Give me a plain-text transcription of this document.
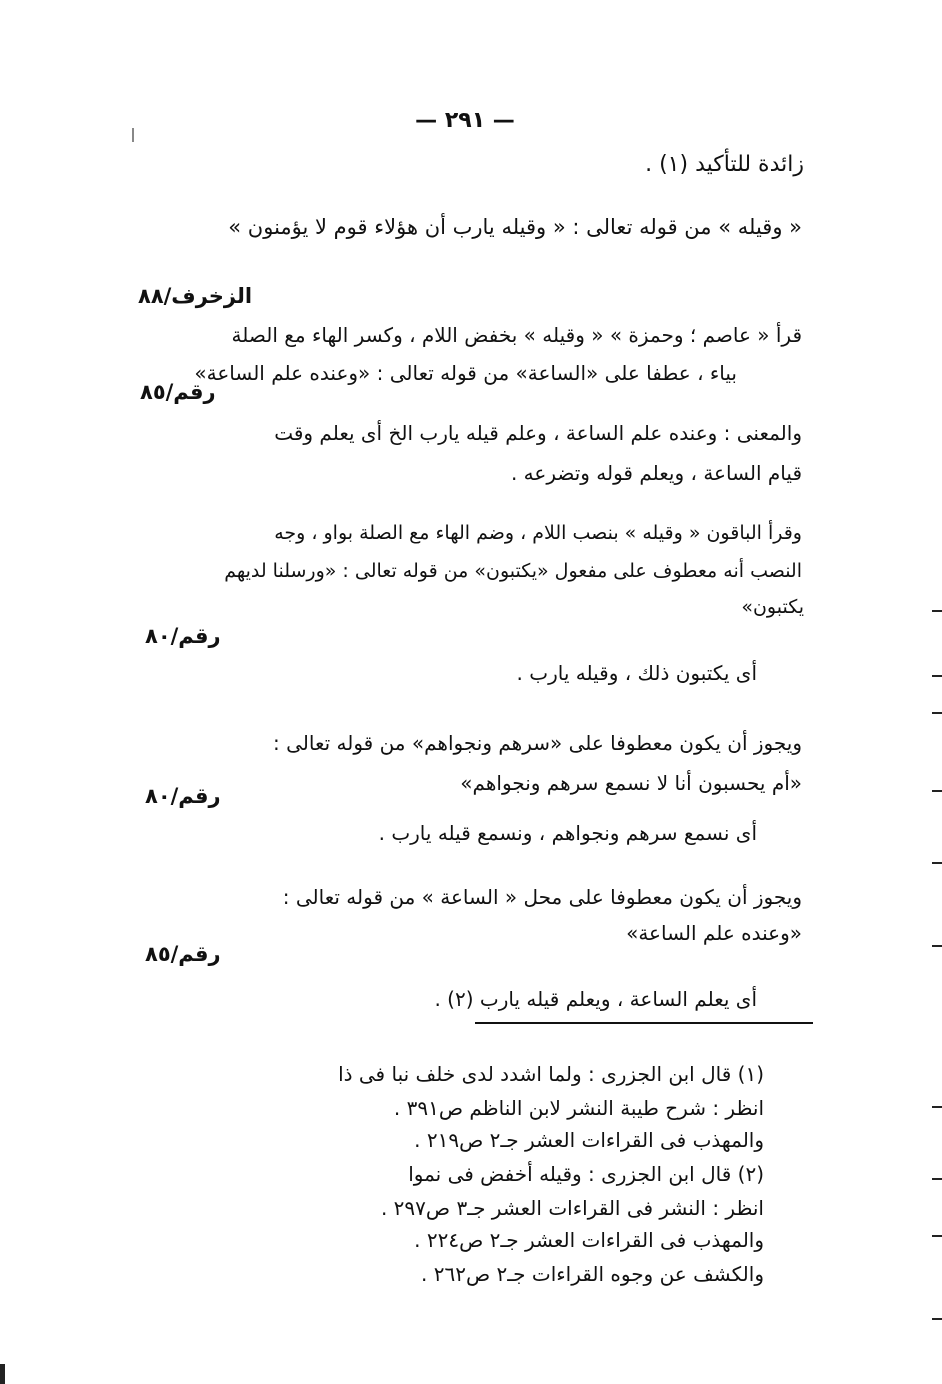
— ٢٩١ —
زائدة للتأكيد (١) .
« وقيله » من قوله تعالى : « وقيله يارب أن هؤلاء قوم لا يؤمنون »
الزخرف/٨٨
قرأ « عاصم ؛ وحمزة » « وقيله » بخفض اللام ، وكسر الهاء مع الصلة
بياء ، عطفا على «الساعة» من قوله تعالى : «وعنده علم الساعة»
رقم/٨٥
والمعنى : وعنده علم الساعة ، وعلم قيله يارب الخ أى يعلم وقت
قيام الساعة ، ويعلم قوله وتضرعه .
وقرأ الباقون « وقيله » بنصب اللام ، وضم الهاء مع الصلة بواو ، وجه
النصب أنه معطوف على مفعول «يكتبون» من قوله تعالى : «ورسلنا لديهم
يكتبون»
رقم/٨٠
أى يكتبون ذلك ، وقيله يارب .
ويجوز أن يكون معطوفا على «سرهم ونجواهم» من قوله تعالى :
«أم يحسبون أنا لا نسمع سرهم ونجواهم»
رقم/٨٠
أى نسمع سرهم ونجواهم ، ونسمع قيله يارب .
ويجوز أن يكون معطوفا على محل « الساعة » من قوله تعالى :
«وعنده علم الساعة»
رقم/٨٥
أى يعلم الساعة ، ويعلم قيله يارب (٢) .
(١) قال ابن الجزرى : ولما اشدد لدى خلف نبا فى ذا
انظر : شرح طيبة النشر لابن الناظم ص٣٩١ .
والمهذب فى القراءات العشر جـ٢ ص٢١٩ .
(٢) قال ابن الجزرى : وقيله أخفض فى نموا
انظر : النشر فى القراءات العشر جـ٣ ص٢٩٧ .
والمهذب فى القراءات العشر جـ٢ ص٢٢٤ .
والكشف عن وجوه القراءات جـ٢ ص٢٦٢ .
